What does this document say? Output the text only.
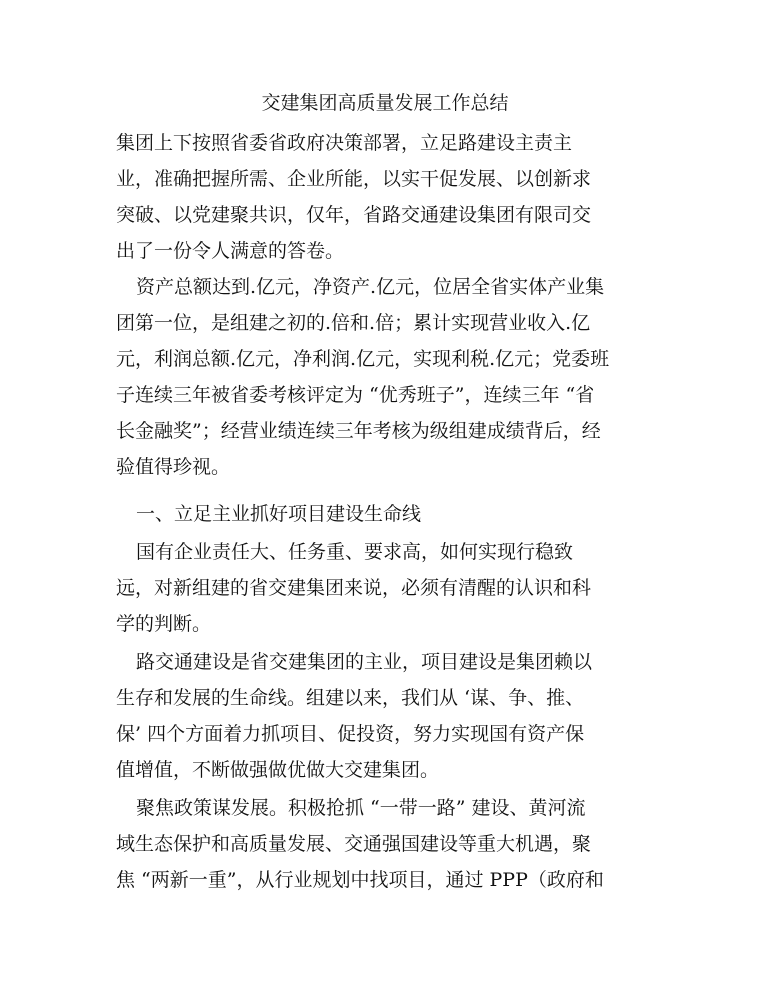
交建集团高质量发展工作总结
集团上下按照省委省政府决策部署，立足路建设主责主
业，准确把握所需、企业所能，以实干促发展、以创新求
突破、以党建聚共识，仅年，省路交通建设集团有限司交
出了一份令人满意的答卷。
资产总额达到.亿元，净资产.亿元，位居全省实体产业集
团第一位，是组建之初的.倍和.倍；累计实现营业收入.亿
元，利润总额.亿元，净利润.亿元，实现利税.亿元；党委班
子连续三年被省委考核评定为 “优秀班子”，连续三年 “省
长金融奖”；经营业绩连续三年考核为级组建成绩背后，经
验值得珍视。
一、立足主业抓好项目建设生命线
国有企业责任大、任务重、要求高，如何实现行稳致
远，对新组建的省交建集团来说，必须有清醒的认识和科
学的判断。
路交通建设是省交建集团的主业，项目建设是集团赖以
生存和发展的生命线。组建以来，我们从 ‘谋、争、推、
保’ 四个方面着力抓项目、促投资，努力实现国有资产保
值增值，不断做强做优做大交建集团。
聚焦政策谋发展。积极抢抓 “一带一路” 建设、黄河流
域生态保护和高质量发展、交通强国建设等重大机遇，聚
焦 “两新一重”，从行业规划中找项目，通过 PPP（政府和
